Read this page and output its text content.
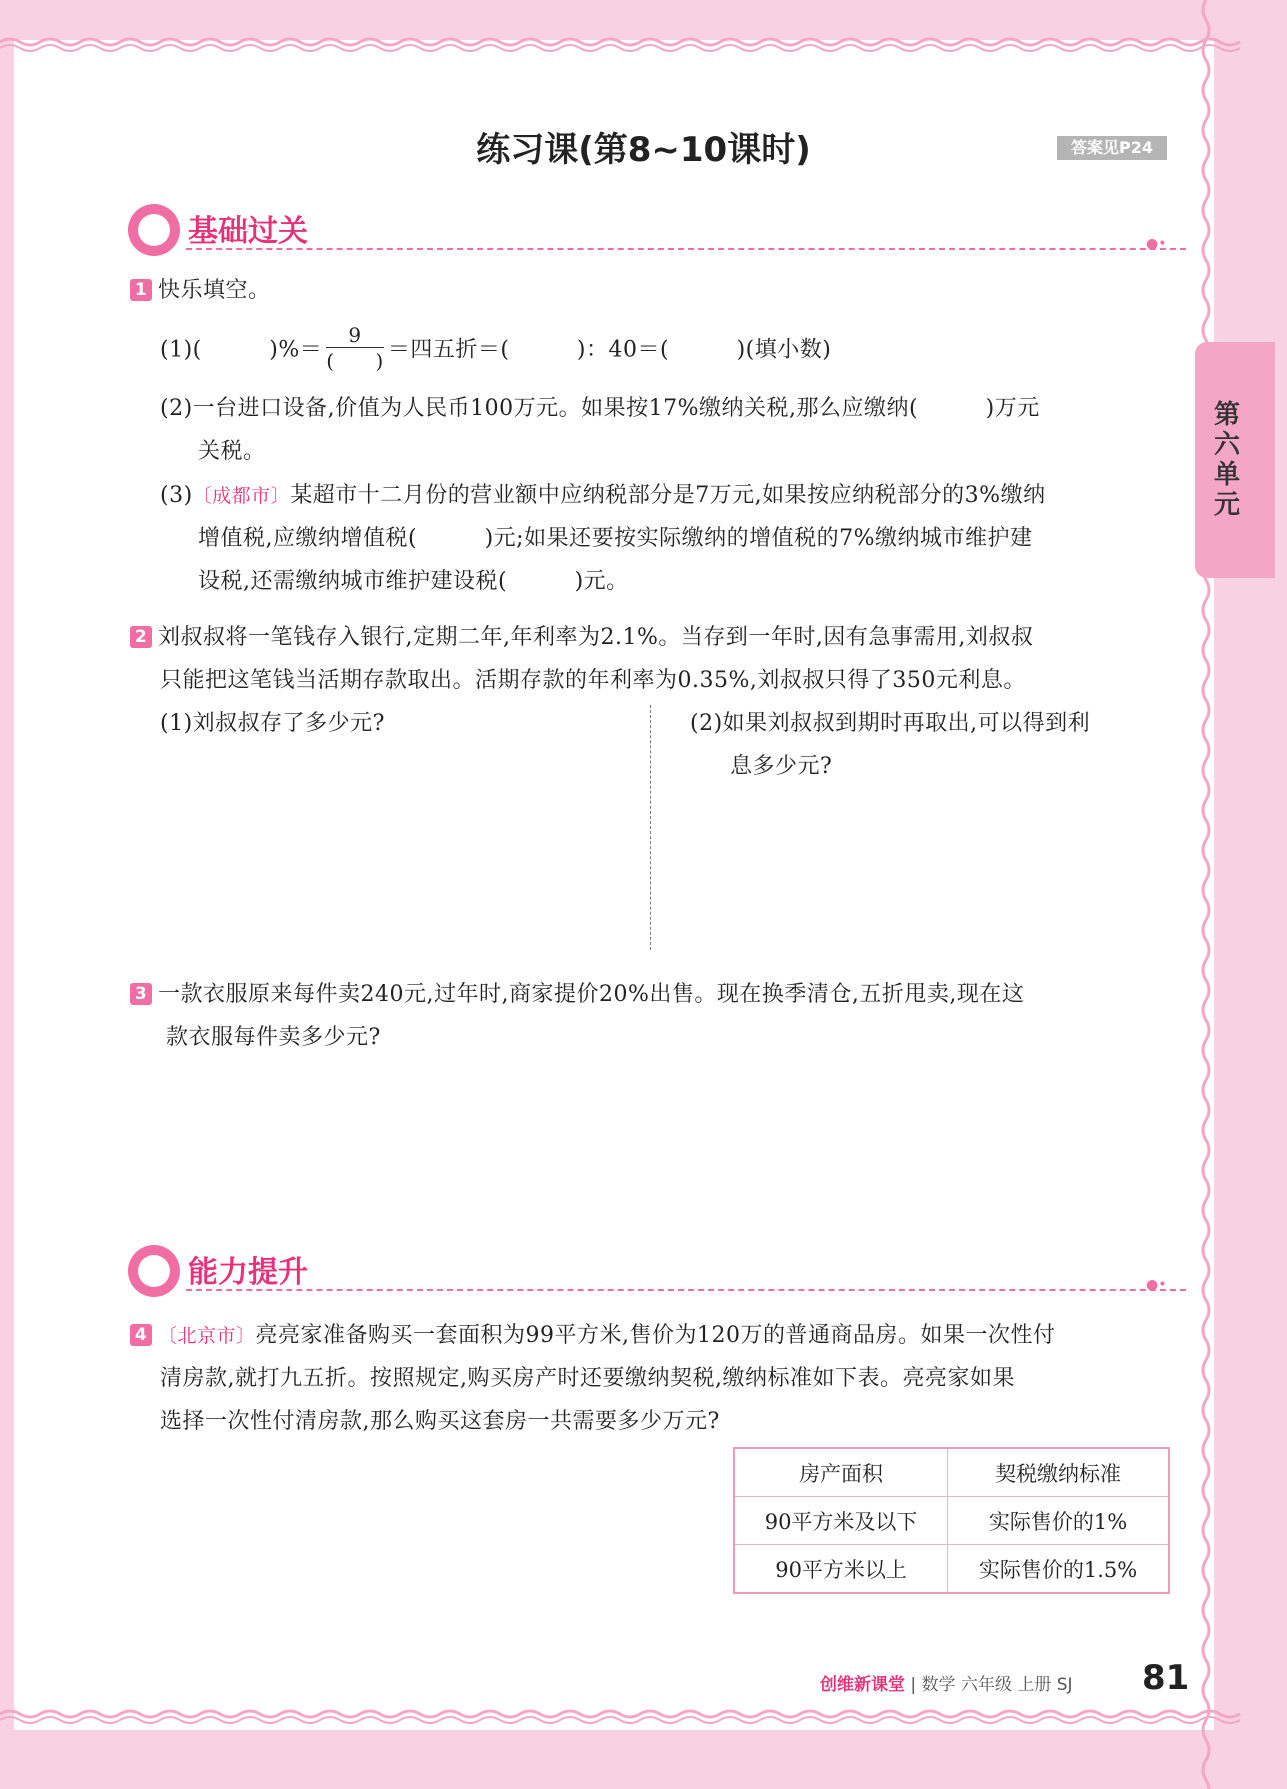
练习课(第8~10课时)	答案见P24
第六单元
基础过关	●•
1 快乐填空。
(1)(　　　)%＝ $\frac{9}{( )}$ ＝四五折＝(　　　)：40＝(　　　)(填小数)
(2)一台进口设备,价值为人民币100万元。如果按17%缴纳关税,那么应缴纳(　　　)万元
关税。
(3)〔成都市〕某超市十二月份的营业额中应纳税部分是7万元,如果按应纳税部分的3%缴纳
增值税,应缴纳增值税(　　　)元;如果还要按实际缴纳的增值税的7%缴纳城市维护建
设税,还需缴纳城市维护建设税(　　　)元。
2 刘叔叔将一笔钱存入银行,定期二年,年利率为2.1%。当存到一年时,因有急事需用,刘叔叔
只能把这笔钱当活期存款取出。活期存款的年利率为0.35%,刘叔叔只得了350元利息。
(1)刘叔叔存了多少元?	(2)如果刘叔叔到期时再取出,可以得到利
息多少元?
3 一款衣服原来每件卖240元,过年时,商家提价20%出售。现在换季清仓,五折甩卖,现在这
款衣服每件卖多少元?
能力提升	●•
4 〔北京市〕亮亮家准备购买一套面积为99平方米,售价为120万的普通商品房。如果一次性付
清房款,就打九五折。按照规定,购买房产时还要缴纳契税,缴纳标准如下表。亮亮家如果
选择一次性付清房款,那么购买这套房一共需要多少万元?
房产面积	契税缴纳标准
90平方米及以下	实际售价的1%
90平方米以上	实际售价的1.5%
创维新课堂 | 数学 六年级 上册 SJ 81
